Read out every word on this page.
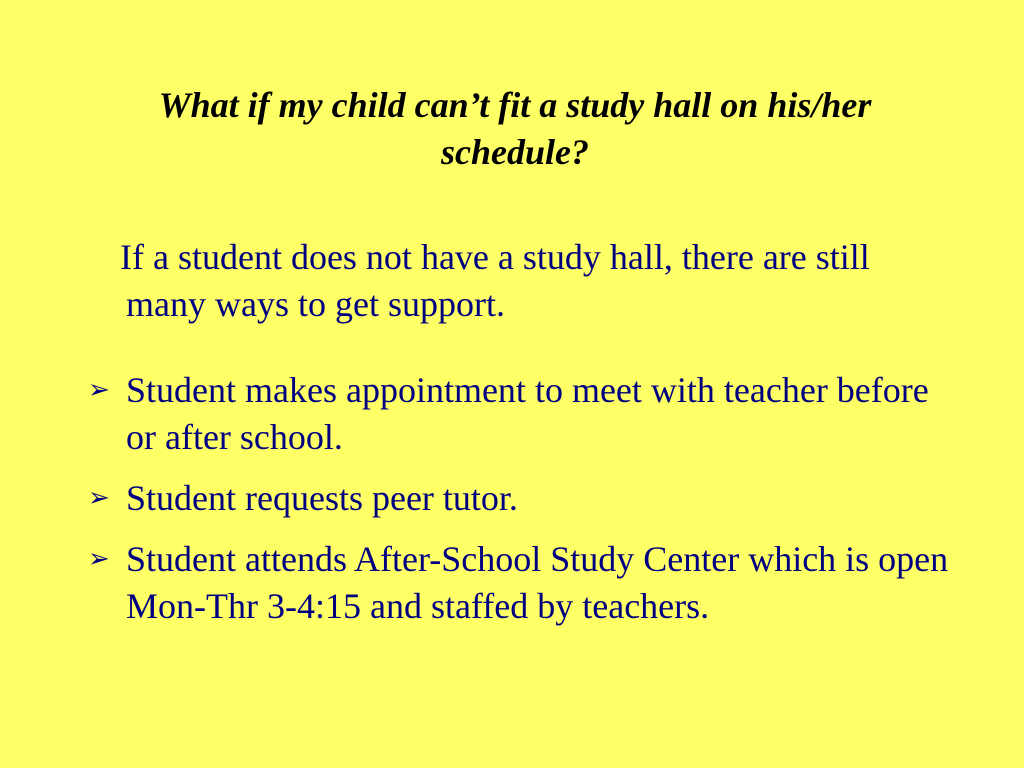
What if my child can’t fit a study hall on his/her schedule?
If a student does not have a study hall, there are still many ways to get support.
➢ Student makes appointment to meet with teacher before or after school.
➢ Student requests peer tutor.
➢ Student attends After-School Study Center which is open Mon-Thr 3-4:15 and staffed by teachers.
